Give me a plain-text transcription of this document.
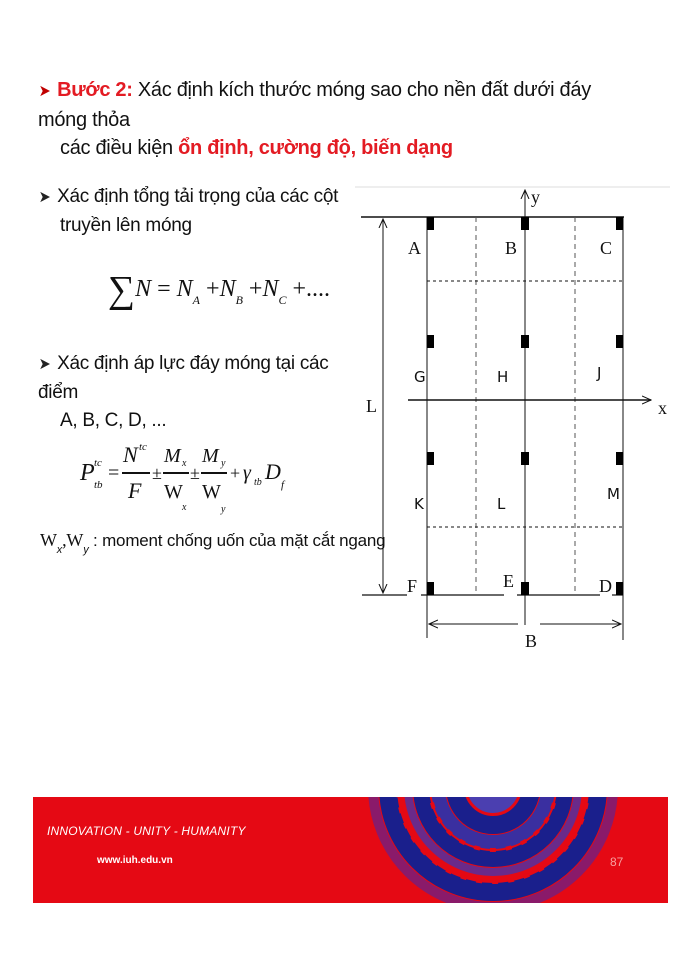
➤ Bước 2: Xác định kích thước móng sao cho nền đất dưới đáy móng thỏa
các điều kiện ổn định, cường độ, biến dạng
➤ Xác định tổng tải trọng của các cột
truyền lên móng
$\sum N = N_A +N_B +N_C$ +....
➤ Xác định áp lực đáy móng tại các điểm
A, B, C, D, ...
P tc
tb
=
N tc
F
±
M x
W
x
±
M y
W
y
+ γ tb D
f
$W_x,W_y$ : moment chống uốn của mặt cắt ngang
A	B	C
G	H	J
K	L
M
F	E	D
y
x
L
B
INNOVATION - UNITY - HUMANITY
www.iuh.edu.vn	87
